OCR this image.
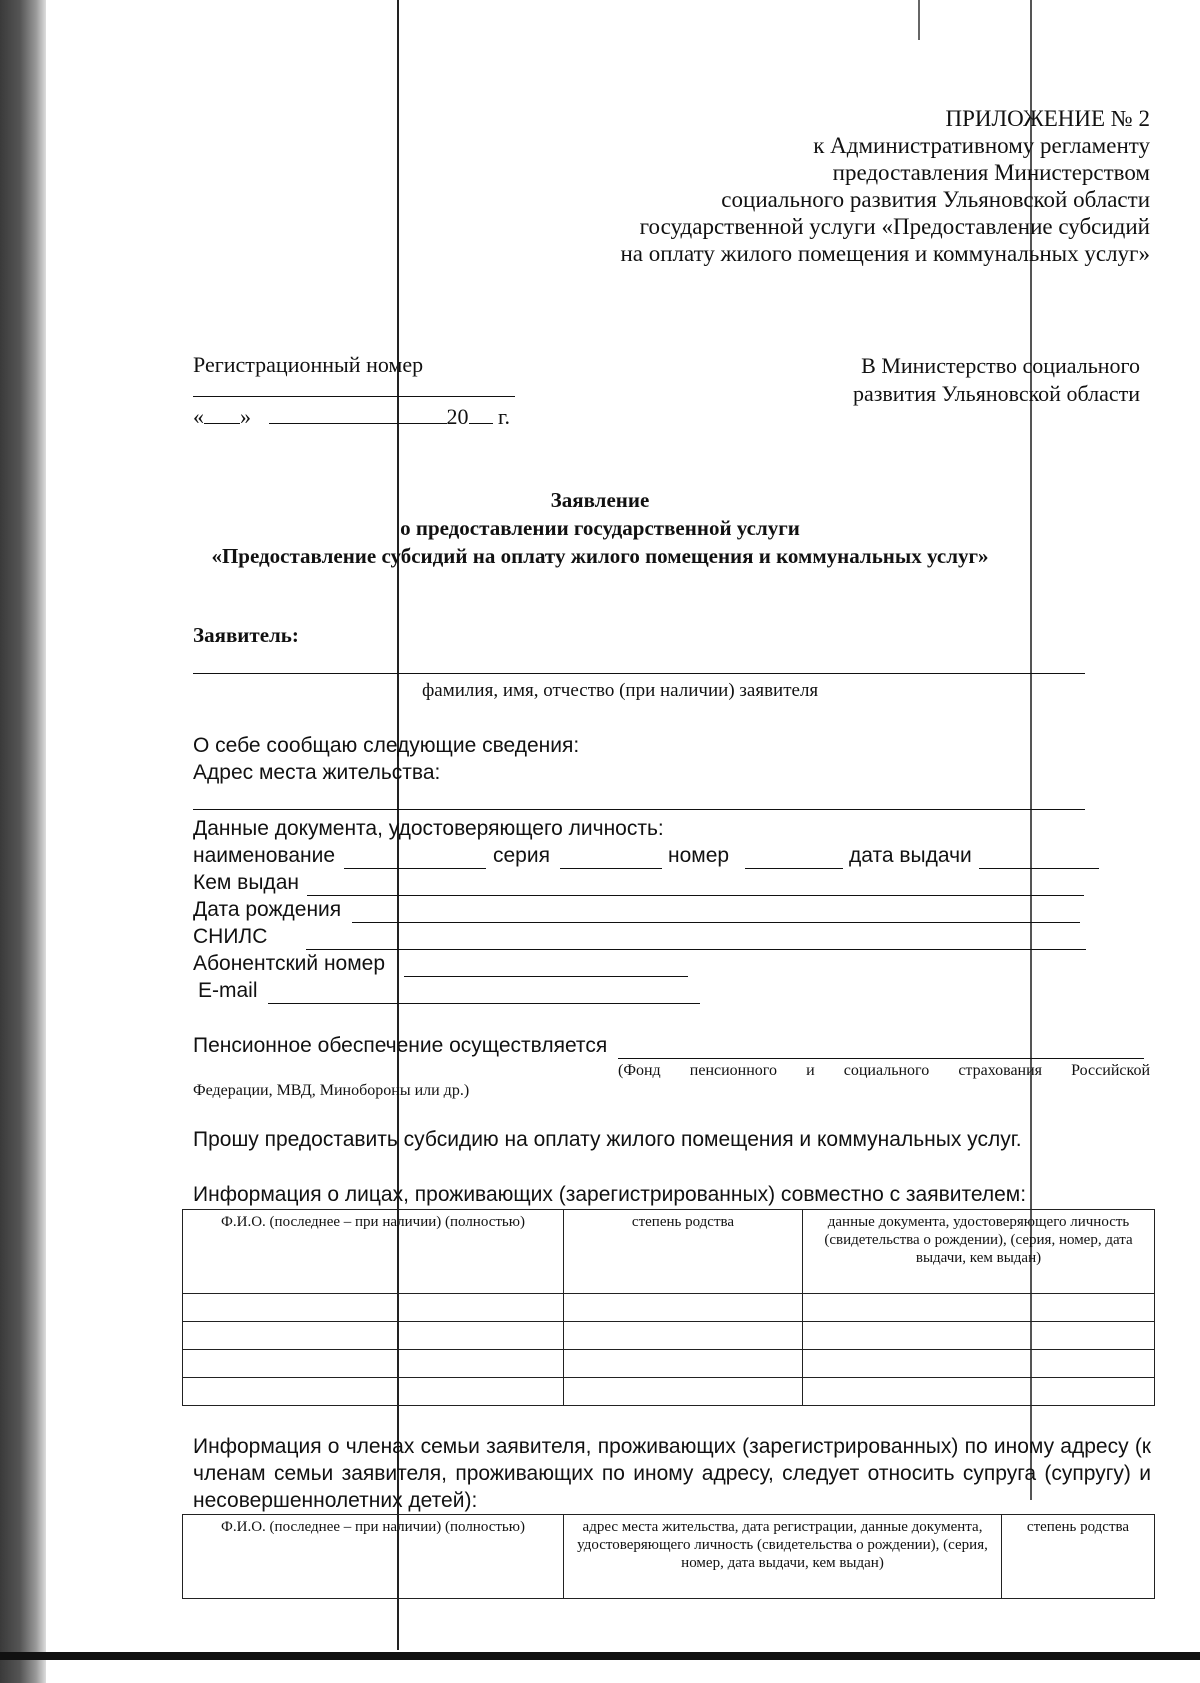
ПРИЛОЖЕНИЕ № 2
к Административному регламенту
предоставления Министерством
социального развития Ульяновской области
государственной услуги «Предоставление субсидий
на оплату жилого помещения и коммунальных услуг»
Регистрационный номер
« »	20 г.
В Министерство социального
развития Ульяновской области
Заявление
о предоставлении государственной услуги
«Предоставление субсидий на оплату жилого помещения и коммунальных услуг»
Заявитель:
фамилия, имя, отчество (при наличии) заявителя
О себе сообщаю следующие сведения:
Адрес места жительства:
Данные документа, удостоверяющего личность:
наименование	серия	номер	дата выдачи
Кем выдан
Дата рождения
СНИЛС
Абонентский номер
E-mail
Пенсионное обеспечение осуществляется
(Фонд пенсионного и социального страхования Российской
Федерации, МВД, Минобороны или др.)
Прошу предоставить субсидию на оплату жилого помещения и коммунальных услуг.
Информация о лицах, проживающих (зарегистрированных) совместно с заявителем:
Ф.И.О. (последнее – при наличии) (полностью)	степень родства	данные документа, удостоверяющего личность (свидетельства о рождении), (серия, номер, дата выдачи, кем выдан)

Информация о членах семьи заявителя, проживающих (зарегистрированных) по иному адресу (к членам семьи заявителя, проживающих по иному адресу, следует относить супруга (супругу) и несовершеннолетних детей):
Ф.И.О. (последнее – при наличии) (полностью)	адрес места жительства, дата регистрации, данные документа, удостоверяющего личность (свидетельства о рождении), (серия, номер, дата выдачи, кем выдан)	степень родства
